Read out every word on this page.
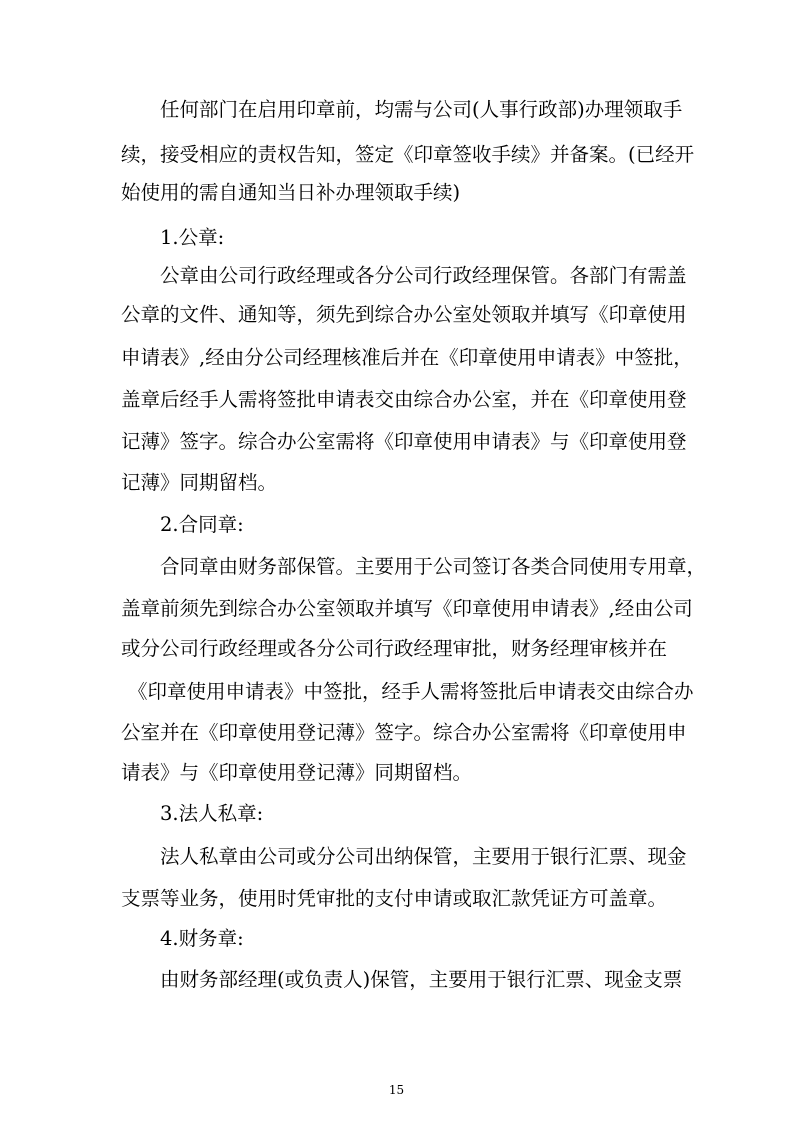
任何部门在启用印章前，均需与公司(人事行政部)办理领取手
续，接受相应的责权告知，签定《印章签收手续》并备案。(已经开
始使用的需自通知当日补办理领取手续)
1.公章:
公章由公司行政经理或各分公司行政经理保管。各部门有需盖
公章的文件、通知等，须先到综合办公室处领取并填写《印章使用
申请表》,经由分公司经理核准后并在《印章使用申请表》中签批，
盖章后经手人需将签批申请表交由综合办公室，并在《印章使用登
记薄》签字。综合办公室需将《印章使用申请表》与《印章使用登
记薄》同期留档。
2.合同章:
合同章由财务部保管。主要用于公司签订各类合同使用专用章，
盖章前须先到综合办公室领取并填写《印章使用申请表》,经由公司
或分公司行政经理或各分公司行政经理审批，财务经理审核并在
《印章使用申请表》中签批，经手人需将签批后申请表交由综合办
公室并在《印章使用登记薄》签字。综合办公室需将《印章使用申
请表》与《印章使用登记薄》同期留档。
3.法人私章:
法人私章由公司或分公司出纳保管，主要用于银行汇票、现金
支票等业务，使用时凭审批的支付申请或取汇款凭证方可盖章。
4.财务章:
由财务部经理(或负责人)保管，主要用于银行汇票、现金支票
15
